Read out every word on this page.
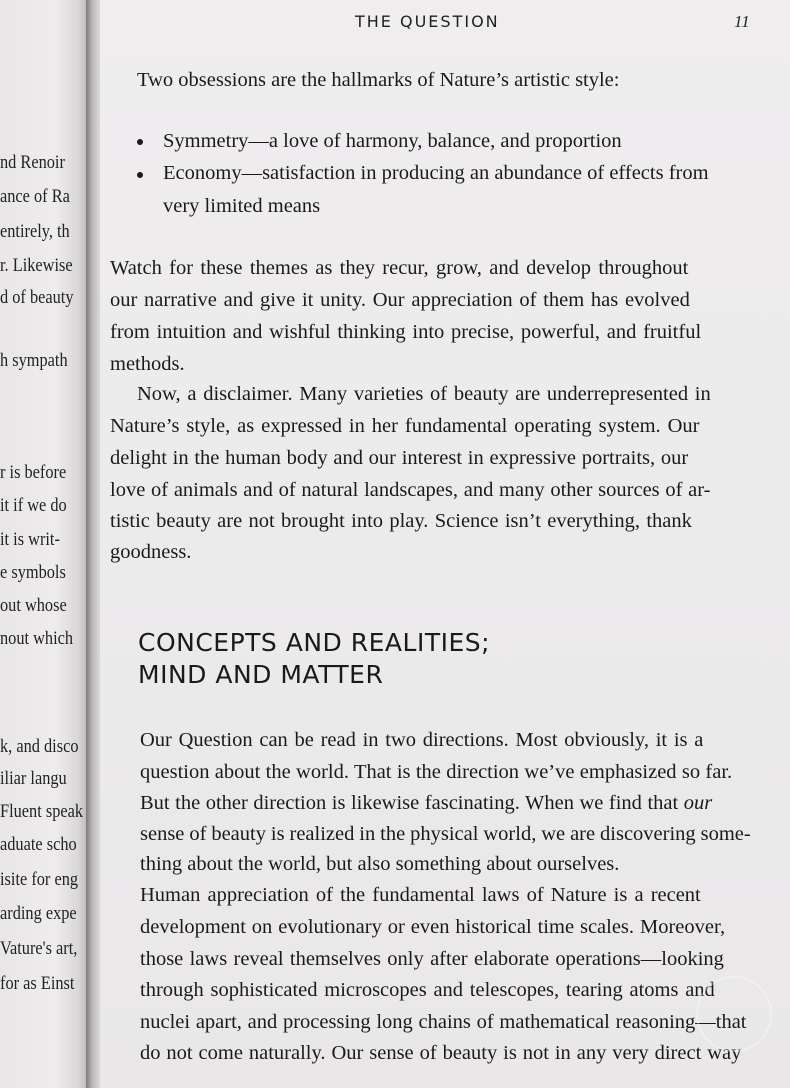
nd Renoir
ance of Ra
entirely, th
r. Likewise
d of beauty
h sympath
r is before
it if we do
it is writ-
e symbols
out whose
nout which
k, and disco
iliar langu
Fluent speak
aduate scho
isite for eng
arding expe
Vature's art,
for as Einst
THE QUESTION	11
Two obsessions are the hallmarks of Nature’s artistic style:
Symmetry—a love of harmony, balance, and proportion
Economy—satisfaction in producing an abundance of effects from
very limited means
Watch for these themes as they recur, grow, and develop throughout
our narrative and give it unity. Our appreciation of them has evolved
from intuition and wishful thinking into precise, powerful, and fruitful
methods.
Now, a disclaimer. Many varieties of beauty are underrepresented in
Nature’s style, as expressed in her fundamental operating system. Our
delight in the human body and our interest in expressive portraits, our
love of animals and of natural landscapes, and many other sources of ar-
tistic beauty are not brought into play. Science isn’t everything, thank
goodness.
CONCEPTS AND REALITIES;
MIND AND MATTER
Our Question can be read in two directions. Most obviously, it is a
question about the world. That is the direction we’ve emphasized so far.
But the other direction is likewise fascinating. When we find that our
sense of beauty is realized in the physical world, we are discovering some-
thing about the world, but also something about ourselves.
Human appreciation of the fundamental laws of Nature is a recent
development on evolutionary or even historical time scales. Moreover,
those laws reveal themselves only after elaborate operations—looking
through sophisticated microscopes and telescopes, tearing atoms and
nuclei apart, and processing long chains of mathematical reasoning—that
do not come naturally. Our sense of beauty is not in any very direct way
